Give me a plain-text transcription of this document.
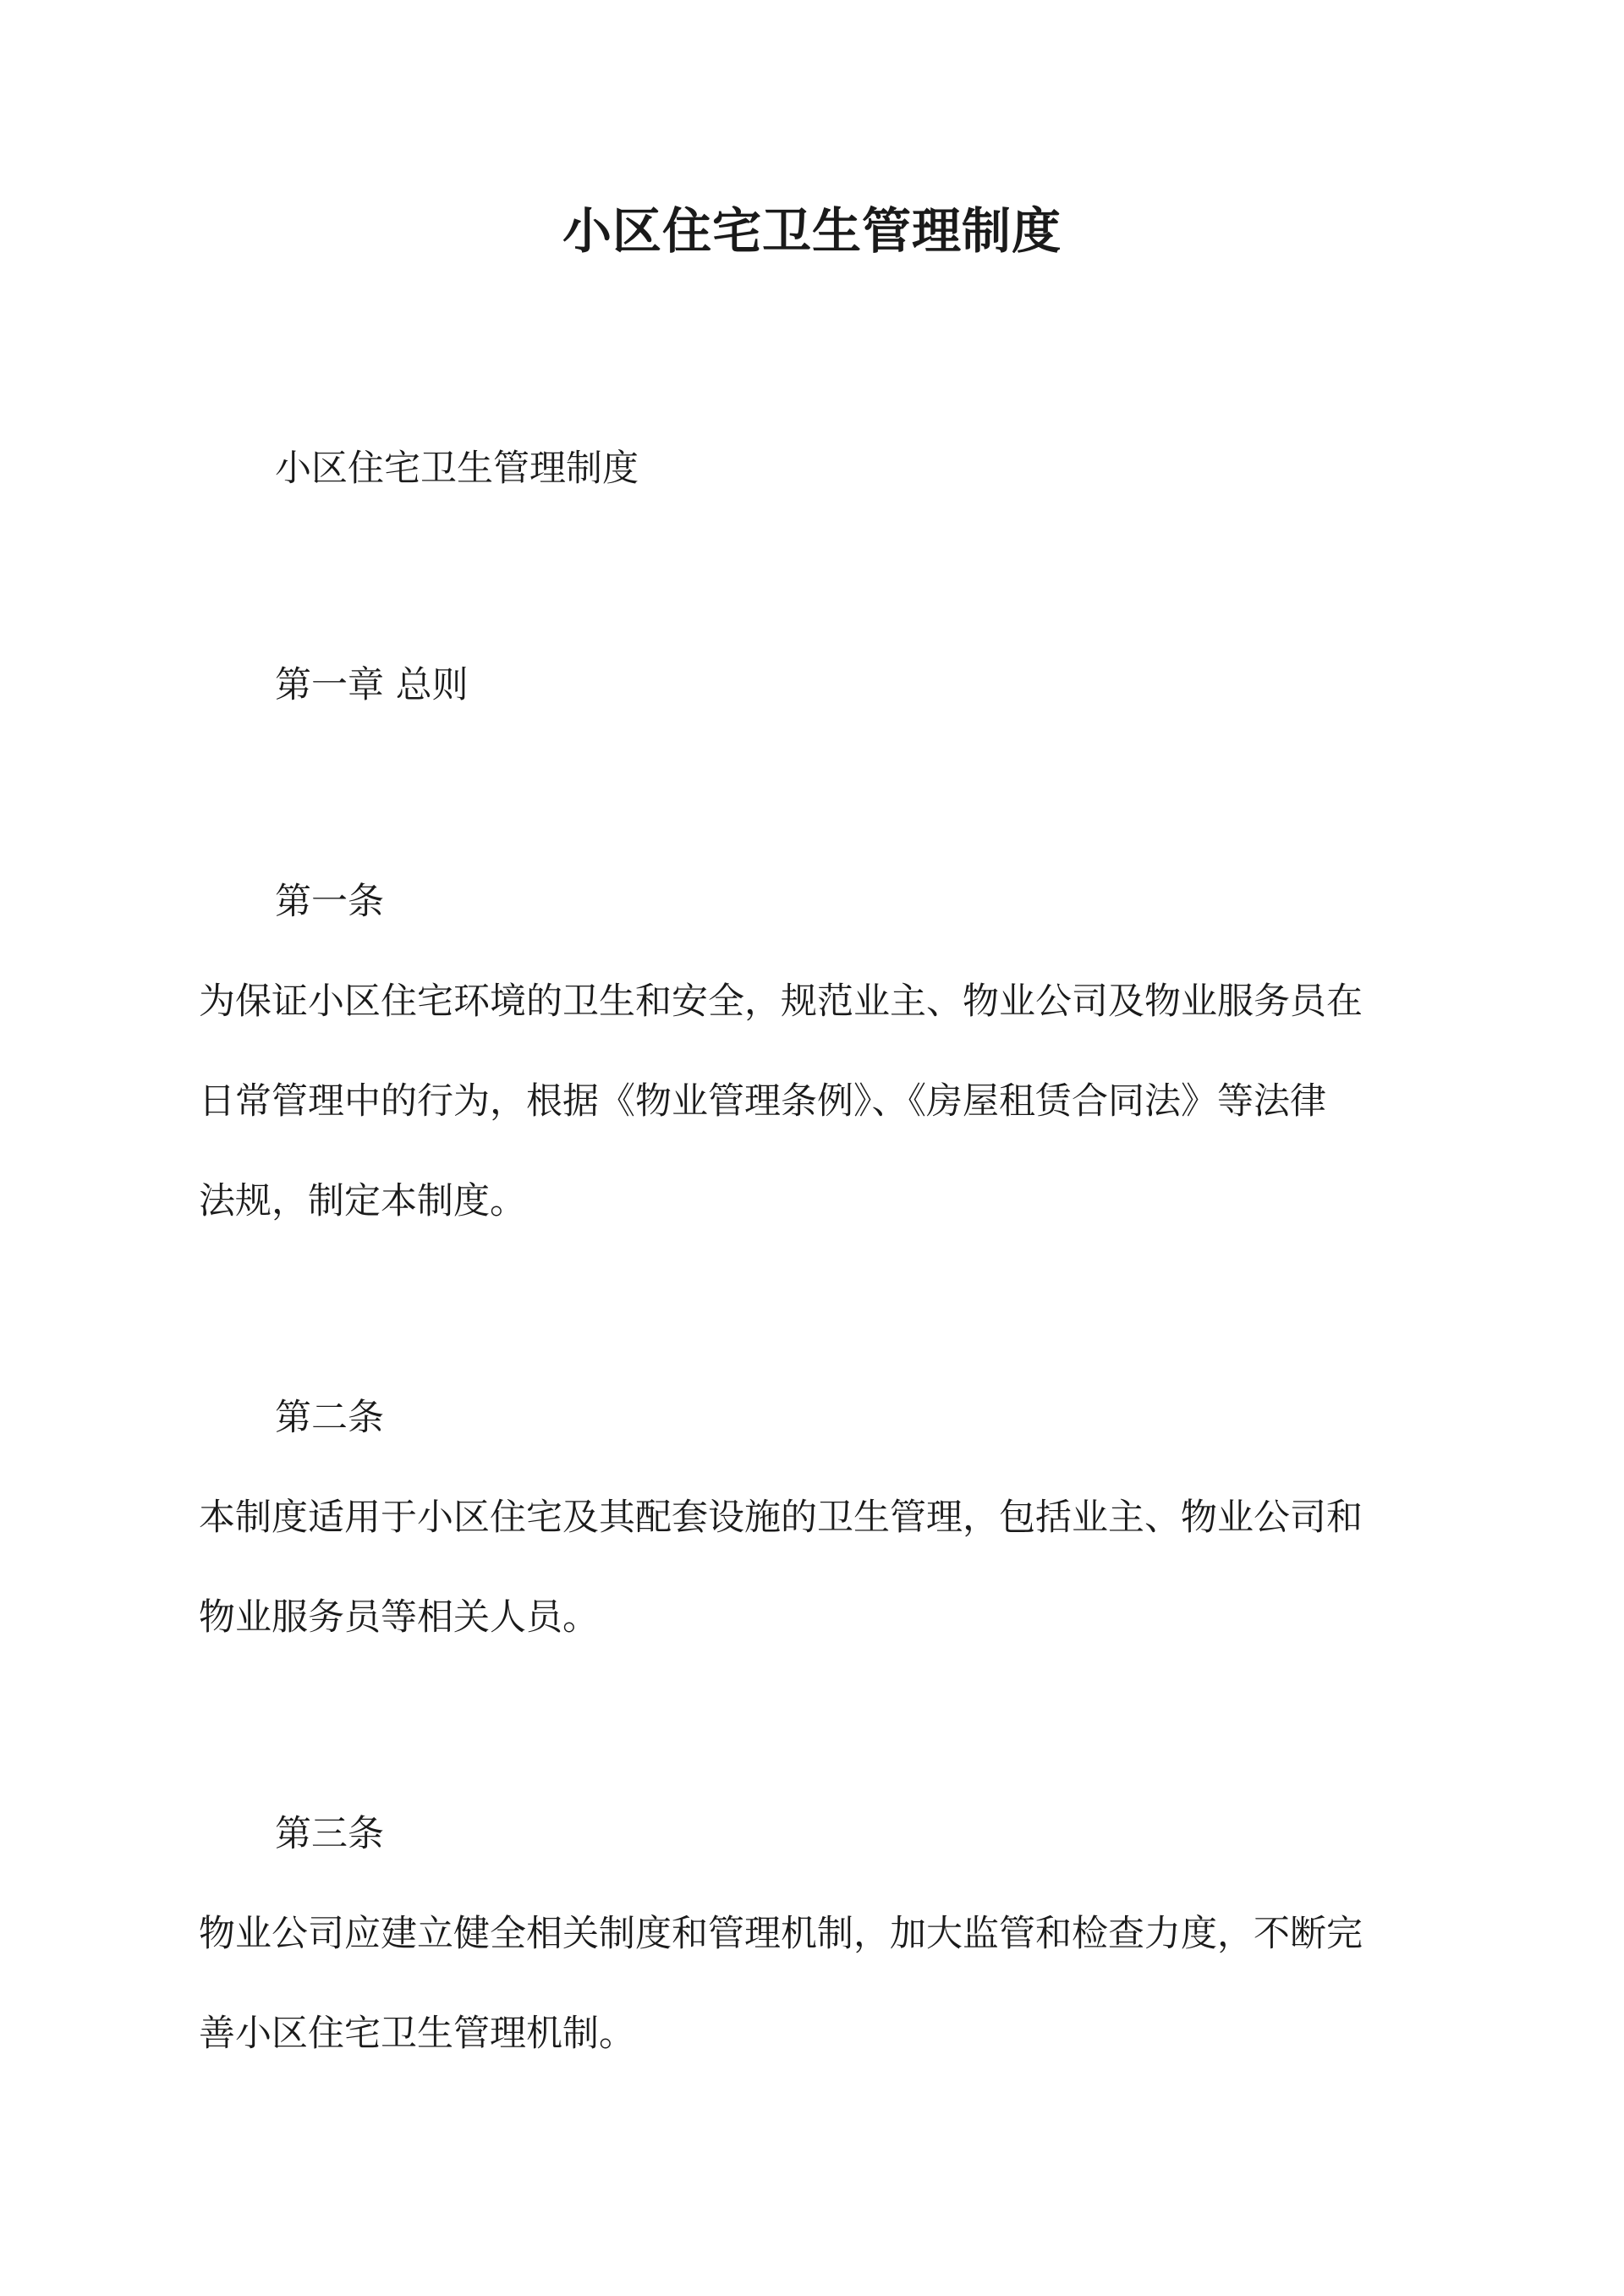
小区住宅卫生管理制度
小区住宅卫生管理制度
第一章 总则
第一条
为保证小区住宅环境的卫生和安全，规范业主、物业公司及物业服务员在
日常管理中的行为，根据《物业管理条例》、《房屋租赁合同法》等法律
法规，制定本制度。
第二条
本制度适用于小区住宅及其配套设施的卫生管理，包括业主、物业公司和
物业服务员等相关人员。
第三条
物业公司应建立健全相关制度和管理机制，加大监管和检查力度，不断完
善小区住宅卫生管理机制。
